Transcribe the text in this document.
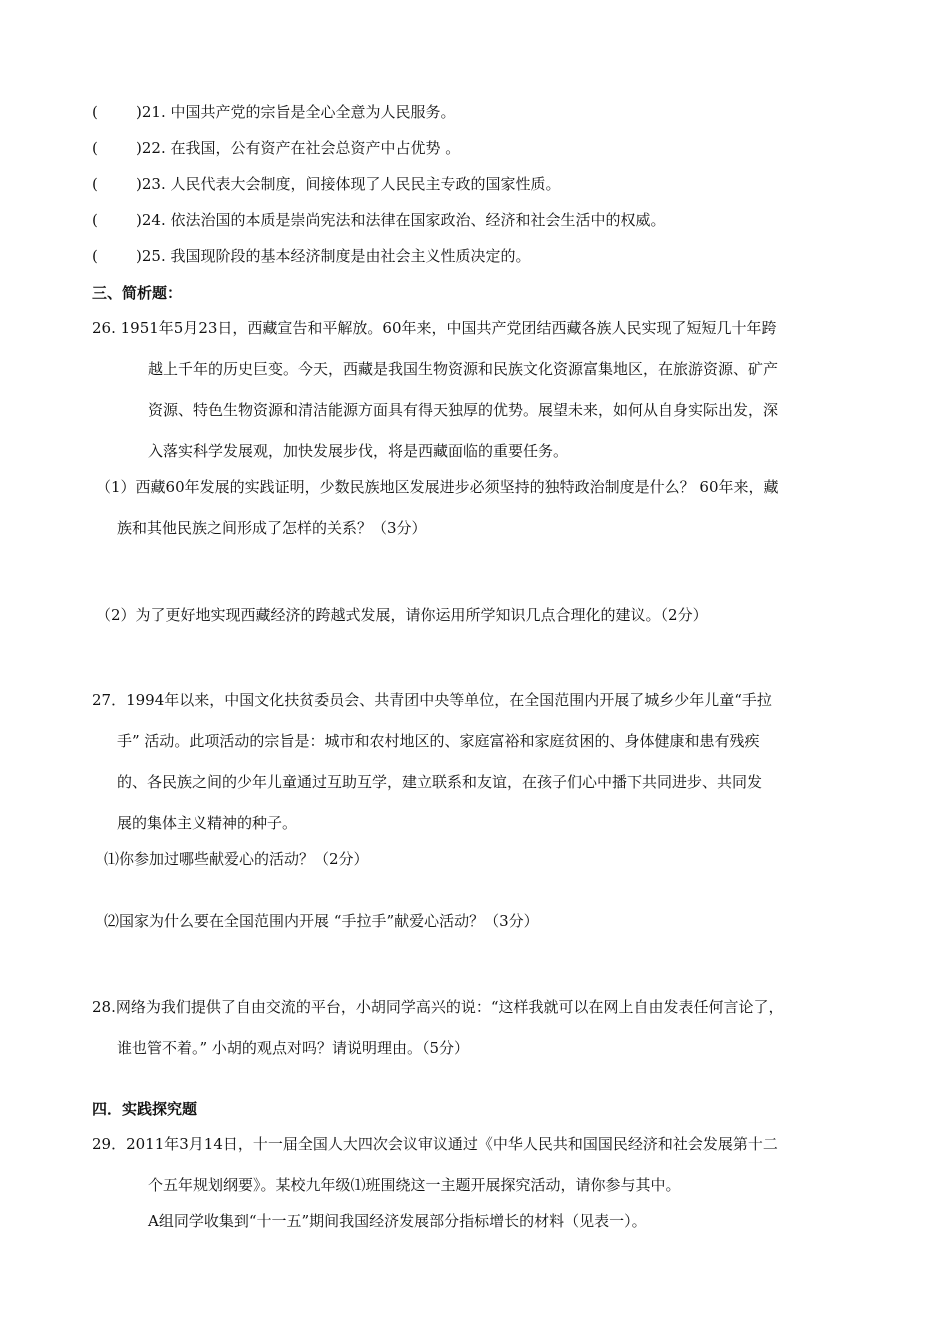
(	)21. 中国共产党的宗旨是全心全意为人民服务。
(	)22. 在我国，公有资产在社会总资产中占优势 。
(	)23. 人民代表大会制度，间接体现了人民民主专政的国家性质。
(	)24. 依法治国的本质是崇尚宪法和法律在国家政治、经济和社会生活中的权威。
(	)25. 我国现阶段的基本经济制度是由社会主义性质决定的。
三、简析题：
26. 1951年5月23日，西藏宣告和平解放。60年来，中国共产党团结西藏各族人民实现了短短几十年跨
越上千年的历史巨变。今天，西藏是我国生物资源和民族文化资源富集地区，在旅游资源、矿产
资源、特色生物资源和清洁能源方面具有得天独厚的优势。展望未来，如何从自身实际出发，深
入落实科学发展观，加快发展步伐，将是西藏面临的重要任务。
（1）西藏60年发展的实践证明，少数民族地区发展进步必须坚持的独特政治制度是什么？ 60年来，藏
族和其他民族之间形成了怎样的关系？（3分）
（2）为了更好地实现西藏经济的跨越式发展，请你运用所学知识几点合理化的建议。（2分）
27．1994年以来，中国文化扶贫委员会、共青团中央等单位，在全国范围内开展了城乡少年儿童“手拉
手” 活动。此项活动的宗旨是：城市和农村地区的、家庭富裕和家庭贫困的、身体健康和患有残疾
的、各民族之间的少年儿童通过互助互学，建立联系和友谊，在孩子们心中播下共同进步、共同发
展的集体主义精神的种子。
⑴你参加过哪些献爱心的活动？（2分）
⑵国家为什么要在全国范围内开展 “手拉手”献爱心活动？（3分）
28.网络为我们提供了自由交流的平台，小胡同学高兴的说：“这样我就可以在网上自由发表任何言论了，
谁也管不着。” 小胡的观点对吗？请说明理由。（5分）
四．实践探究题
29．2011年3月14日，十一届全国人大四次会议审议通过《中华人民共和国国民经济和社会发展第十二
个五年规划纲要》。某校九年级⑴班围绕这一主题开展探究活动，请你参与其中。
A组同学收集到“十一五”期间我国经济发展部分指标增长的材料（见表一）。
